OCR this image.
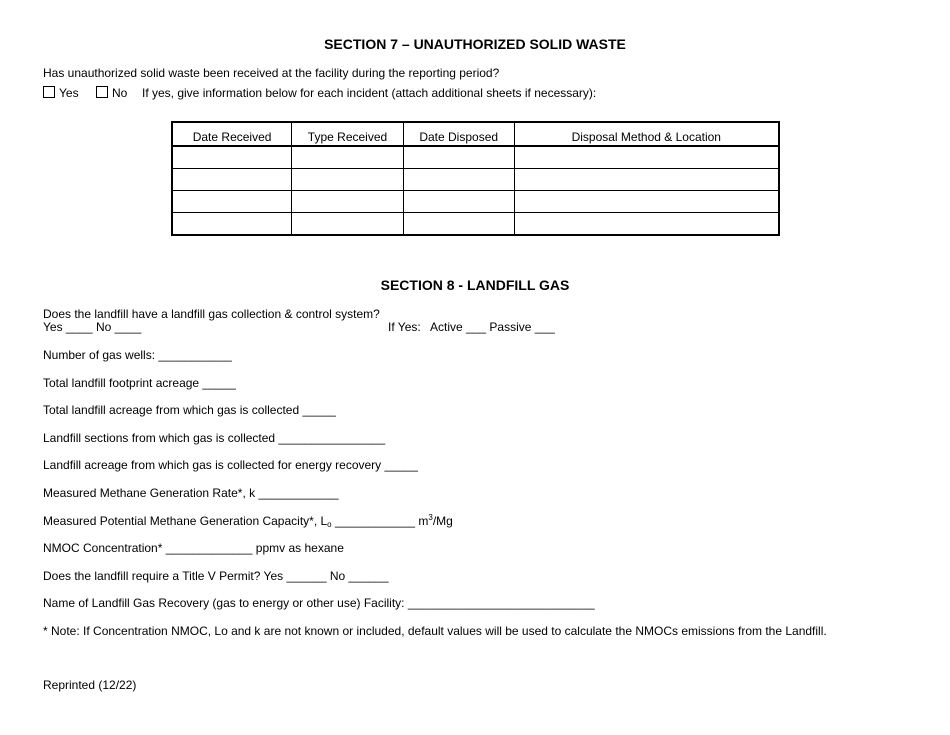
SECTION 7 – UNAUTHORIZED SOLID WASTE
Has unauthorized solid waste been received at the facility during the reporting period?
Yes	No If yes, give information below for each incident (attach additional sheets if necessary):
Date Received	Type Received	Date Disposed	Disposal Method & Location

SECTION 8 - LANDFILL GAS
Does the landfill have a landfill gas collection & control system?
Yes ____ No ____	If Yes:   Active ___ Passive ___
Number of gas wells: ___________
Total landfill footprint acreage _____
Total landfill acreage from which gas is collected _____
Landfill sections from which gas is collected ________________
Landfill acreage from which gas is collected for energy recovery _____
Measured Methane Generation Rate*, k ____________
Measured Potential Methane Generation Capacity*, $L_o$ ____________ $m^3/Mg$
NMOC Concentration* _____________ ppmv as hexane
Does the landfill require a Title V Permit? Yes ______ No ______
Name of Landfill Gas Recovery (gas to energy or other use) Facility: ____________________________
* Note: If Concentration NMOC, Lo and k are not known or included, default values will be used to calculate the NMOCs emissions from the Landfill.
Reprinted (12/22)
